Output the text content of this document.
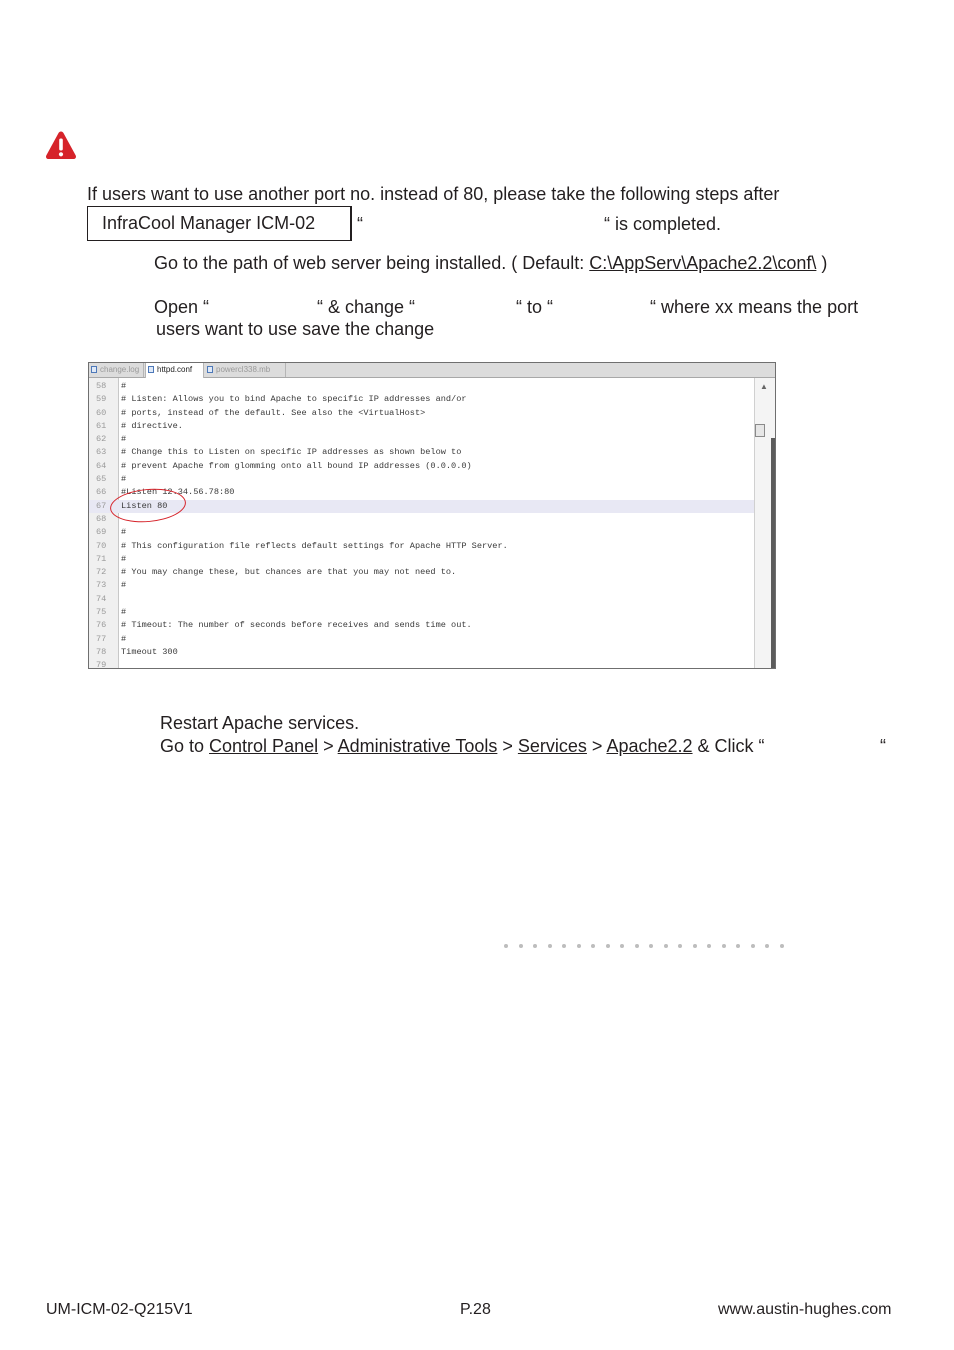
If users want to use another port no. instead of 80, please take the following steps after
InfraCool Manager ICM-02	“	“ is completed.
Go to the path of web server being installed. ( Default: C:\AppServ\Apache2.2\conf\ )
Open “	“ & change “	“ to “	“ where xx means the port
users want to use save the change
change.log	httpd.conf	powercl338.mb
58 #
59 # Listen: Allows you to bind Apache to specific IP addresses and/or
60 # ports, instead of the default. See also the <VirtualHost>
61 # directive.
62 #
63 # Change this to Listen on specific IP addresses as shown below to
64 # prevent Apache from glomming onto all bound IP addresses (0.0.0.0)
65 #
66 #Listen 12.34.56.78:80
67 Listen 80
68
69 #
70 # This configuration file reflects default settings for Apache HTTP Server.
71 #
72 # You may change these, but chances are that you may not need to.
73 #
74
75 #
76 # Timeout: The number of seconds before receives and sends time out.
77 #
78 Timeout 300
79
▲
Restart Apache services.
Go to Control Panel > Administrative Tools > Services > Apache2.2 & Click “	“
UM-ICM-02-Q215V1	P.28	www.austin-hughes.com
